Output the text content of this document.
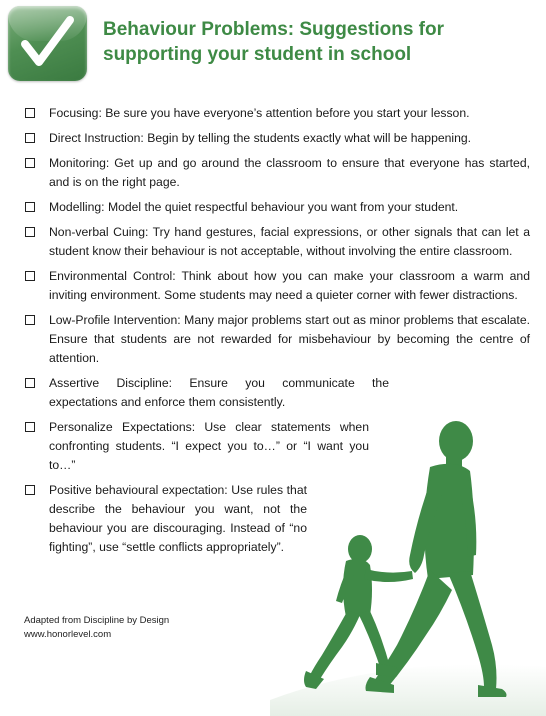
Behaviour Problems: Suggestions for supporting your student in school
Focusing: Be sure you have everyone’s attention before you start your lesson.
Direct Instruction: Begin by telling the students exactly what will be happening.
Monitoring: Get up and go around the classroom to ensure that everyone has started, and is on the right page.
Modelling: Model the quiet respectful behaviour you want from your student.
Non-verbal Cuing: Try hand gestures, facial expressions, or other signals that can let a student know their behaviour is not acceptable, without involving the entire classroom.
Environmental Control: Think about how you can make your classroom a warm and inviting environment. Some students may need a quieter corner with fewer distractions.
Low-Profile Intervention: Many major problems start out as minor problems that escalate. Ensure that students are not rewarded for misbehaviour by becoming the centre of attention.
Assertive Discipline: Ensure you communicate the expectations and enforce them consistently.
Personalize Expectations: Use clear statements when confronting students. “I expect you to…” or “I want you to…”
Positive behavioural expectation: Use rules that describe the behaviour you want, not the behaviour you are discouraging. Instead of “no fighting”, use “settle conflicts appropriately”.
Adapted from Discipline by Design
www.honorlevel.com
